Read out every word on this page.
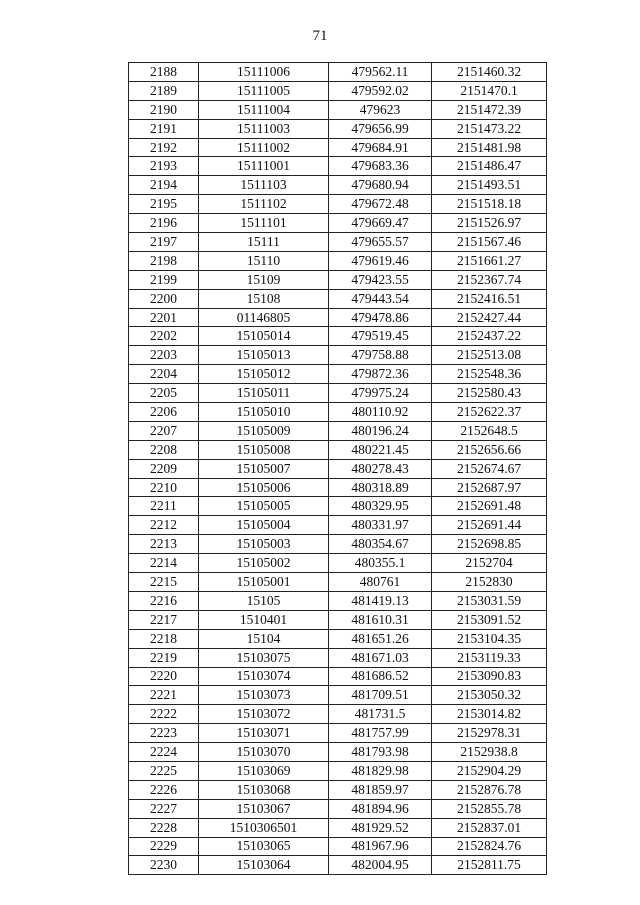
71
2188	15111006	479562.11	2151460.32
2189	15111005	479592.02	2151470.1
2190	15111004	479623	2151472.39
2191	15111003	479656.99	2151473.22
2192	15111002	479684.91	2151481.98
2193	15111001	479683.36	2151486.47
2194	1511103	479680.94	2151493.51
2195	1511102	479672.48	2151518.18
2196	1511101	479669.47	2151526.97
2197	15111	479655.57	2151567.46
2198	15110	479619.46	2151661.27
2199	15109	479423.55	2152367.74
2200	15108	479443.54	2152416.51
2201	01146805	479478.86	2152427.44
2202	15105014	479519.45	2152437.22
2203	15105013	479758.88	2152513.08
2204	15105012	479872.36	2152548.36
2205	15105011	479975.24	2152580.43
2206	15105010	480110.92	2152622.37
2207	15105009	480196.24	2152648.5
2208	15105008	480221.45	2152656.66
2209	15105007	480278.43	2152674.67
2210	15105006	480318.89	2152687.97
2211	15105005	480329.95	2152691.48
2212	15105004	480331.97	2152691.44
2213	15105003	480354.67	2152698.85
2214	15105002	480355.1	2152704
2215	15105001	480761	2152830
2216	15105	481419.13	2153031.59
2217	1510401	481610.31	2153091.52
2218	15104	481651.26	2153104.35
2219	15103075	481671.03	2153119.33
2220	15103074	481686.52	2153090.83
2221	15103073	481709.51	2153050.32
2222	15103072	481731.5	2153014.82
2223	15103071	481757.99	2152978.31
2224	15103070	481793.98	2152938.8
2225	15103069	481829.98	2152904.29
2226	15103068	481859.97	2152876.78
2227	15103067	481894.96	2152855.78
2228	1510306501	481929.52	2152837.01
2229	15103065	481967.96	2152824.76
2230	15103064	482004.95	2152811.75
